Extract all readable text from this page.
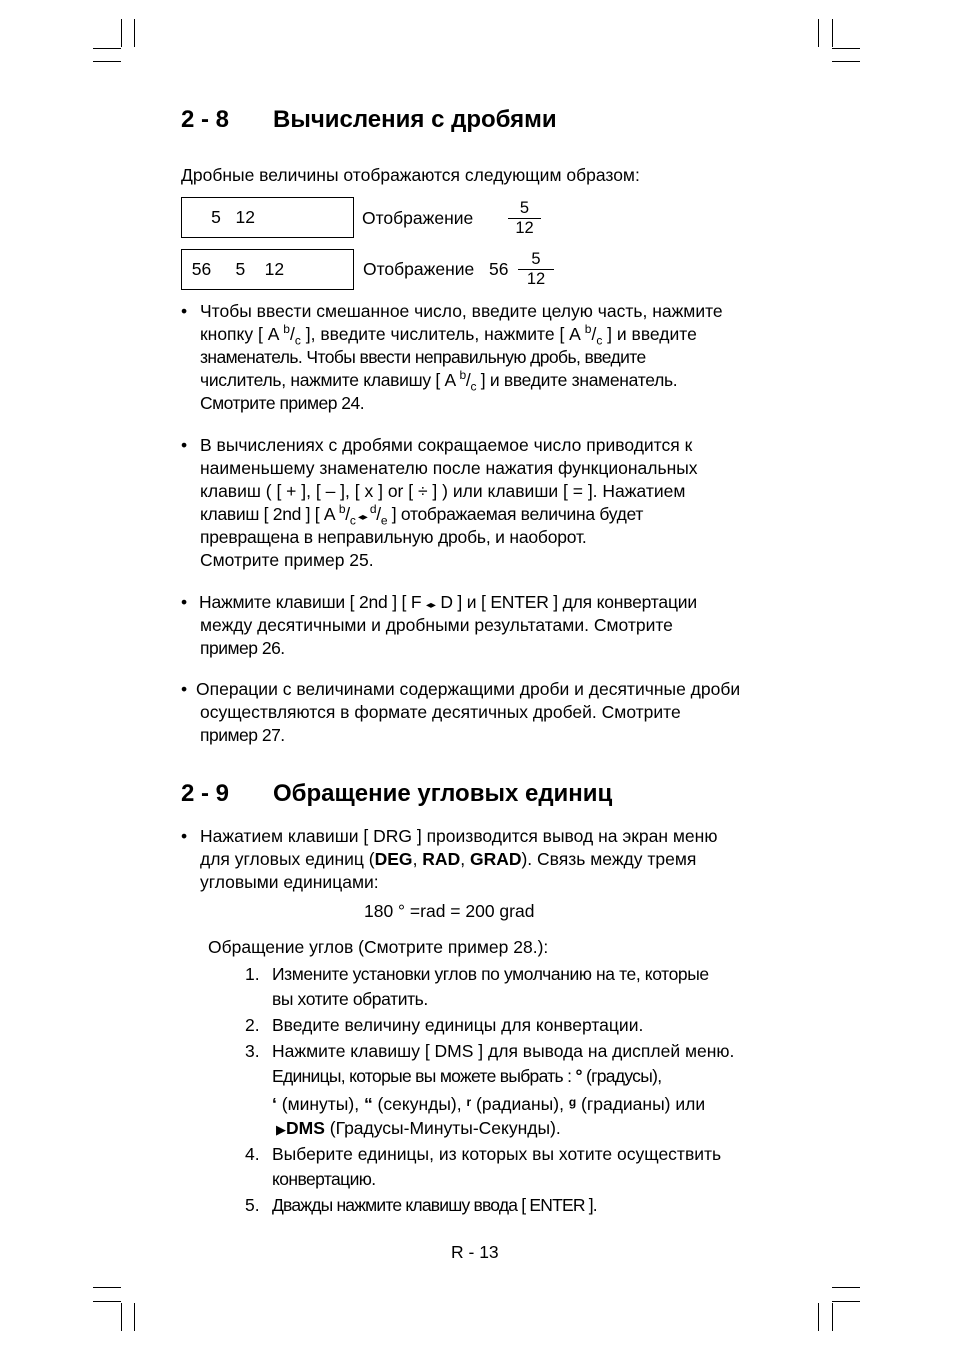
2 - 8 Вычисления с дробями
Дробные величины отображаются следующим образом:
5   12	Отображение $\frac{5}{12}$
56     5    12	Отображение $56 \frac{5}{12}$
• Чтобы ввести смешанное число, введите целую часть, нажмите
кнопку [ A $^b/_c$ ], введите числитель, нажмите [ A $^b/_c$ ] и введите
знаменатель. Чтобы ввести неправильную дробь, введите
числитель, нажмите клавишу [ A $^b/_c$ ] и введите знаменатель.
Смотрите пример 24.
• В вычислениях с дробями сокращаемое число приводится к
наименьшему знаменателю после нажатия функциональных
клавиш ( [ + ], [ – ], [ x ] or [ ÷ ] ) или клавиши [ = ]. Нажатием
клавиш [ 2nd ] [ A $^b/_c$ ◂▸ $^d/_e$ ] отображаемая величина будет
превращена в неправильную дробь, и наоборот.
Смотрите пример 25.
• Нажмите клавиши [ 2nd ] [ F ◂▸ D ] и [ ENTER ] для конвертации
между десятичными и дробными результатами. Смотрите
пример 26.
• Операции с величинами содержащими дроби и десятичные дроби
осуществляются в формате десятичных дробей. Смотрите
пример 27.
2 - 9 Обращение угловых единиц
• Нажатием клавиши [ DRG ] производится вывод на экран меню
для угловых единиц (DEG, RAD, GRAD). Связь между тремя
угловыми единицами:
180 ° =rad = 200 grad
Обращение углов (Смотрите пример 28.):
1. Измените установки углов по умолчанию на те, которые
вы хотите обратить.
2. Введите величину единицы для конвертации.
3. Нажмите клавишу [ DMS ] для вывода на дисплей меню.
Единицы, которые вы можете выбрать : ° (градусы),
‘ (минуты), “ (секунды), $^r$ (радианы), $^g$ (градианы) или
▶DMS (Градусы-Минуты-Секунды).
4. Выберите единицы, из которых вы хотите осуществить
конвертацию.
5. Дважды нажмите клавишу ввода [ ENTER ].
R - 13
